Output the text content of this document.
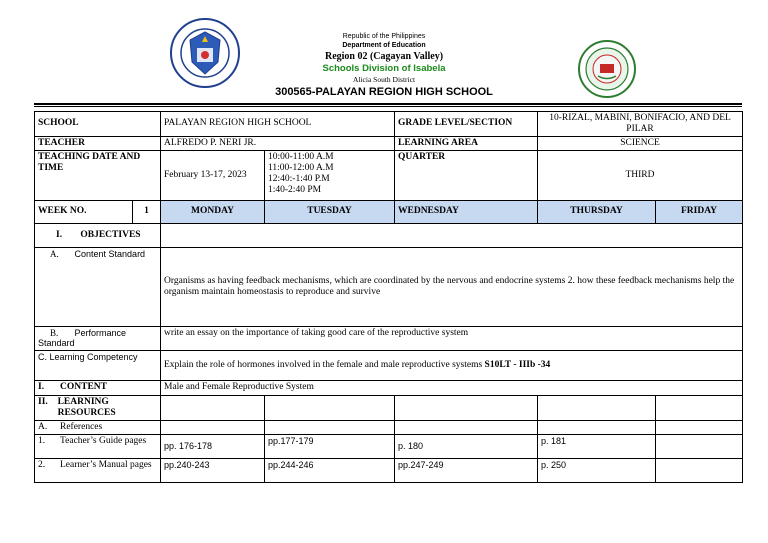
Republic of the Philippines
Department of Education
Region 02 (Cagayan Valley)
Schools Division of Isabela
Alicia South District
300565-PALAYAN REGION HIGH SCHOOL
SCHOOL		PALAYAN REGION HIGH SCHOOL		GRADE LEVEL/SECTION	10-RIZAL, MABINI, BONIFACIO, AND DEL PILAR	
TEACHER		ALFREDO P. NERI JR.		LEARNING AREA	SCIENCE	
TEACHING DATE AND TIME		February 13-17, 2023	10:00-11:00 A.M
11:00-12:00 A.M
12:40:-1:40 P.M
1:40-2:40 PM	QUARTER	THIRD	
WEEK NO.	1	MONDAY	TUESDAY	WEDNESDAY	THURSDAY	FRIDAY
I. OBJECTIVES						
A. Content Standard		Organisms as having feedback mechanisms, which are coordinated by the nervous and endocrine systems 2. how these feedback mechanisms help the organism maintain homeostasis to reproduce and survive				
B. Performance Standard		write an essay on the importance of taking good care of the reproductive system				
C. Learning Competency		Explain the role of hormones involved in the female and male reproductive systems S10LT - IIIb -34				
I. CONTENT		Male and Female Reproductive System				

II. LEARNING RESOURCES						

A. References						

1. Teacher’s Guide pages		pp. 176-178	pp.177-179	p. 180	p. 181	

2. Learner’s Manual pages		pp.240-243	pp.244-246	pp.247-249	p. 250	
